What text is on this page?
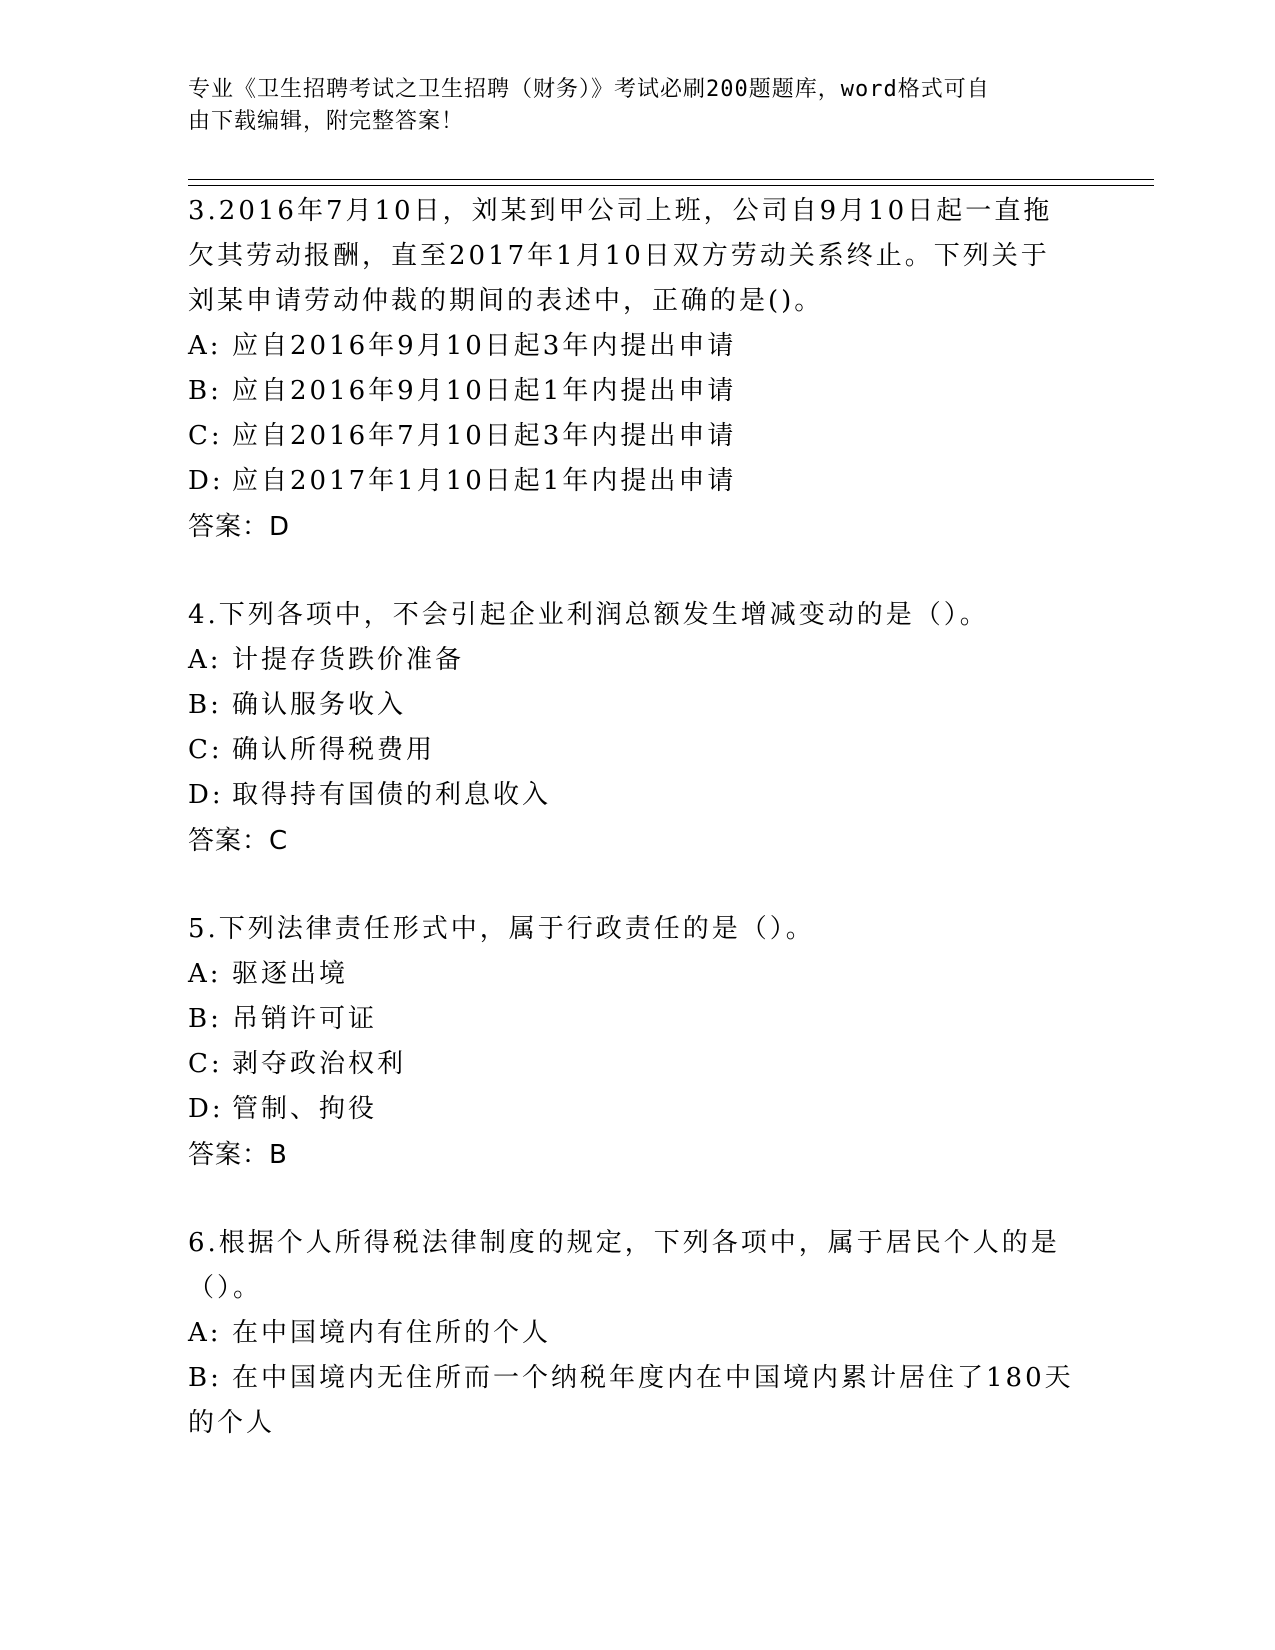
专业《卫生招聘考试之卫生招聘（财务）》考试必刷200题题库，word格式可自
由下载编辑，附完整答案！
3.2016年7月10日，刘某到甲公司上班，公司自9月10日起一直拖
欠其劳动报酬，直至2017年1月10日双方劳动关系终止。下列关于
刘某申请劳动仲裁的期间的表述中，正确的是()。
A: 应自2016年9月10日起3年内提出申请
B: 应自2016年9月10日起1年内提出申请
C: 应自2016年7月10日起3年内提出申请
D: 应自2017年1月10日起1年内提出申请
答案：D
4.下列各项中，不会引起企业利润总额发生增减变动的是（）。
A: 计提存货跌价准备
B: 确认服务收入
C: 确认所得税费用
D: 取得持有国债的利息收入
答案：C
5.下列法律责任形式中，属于行政责任的是（）。
A: 驱逐出境
B: 吊销许可证
C: 剥夺政治权利
D: 管制、拘役
答案：B
6.根据个人所得税法律制度的规定，下列各项中，属于居民个人的是
（）。
A: 在中国境内有住所的个人
B: 在中国境内无住所而一个纳税年度内在中国境内累计居住了180天
的个人
